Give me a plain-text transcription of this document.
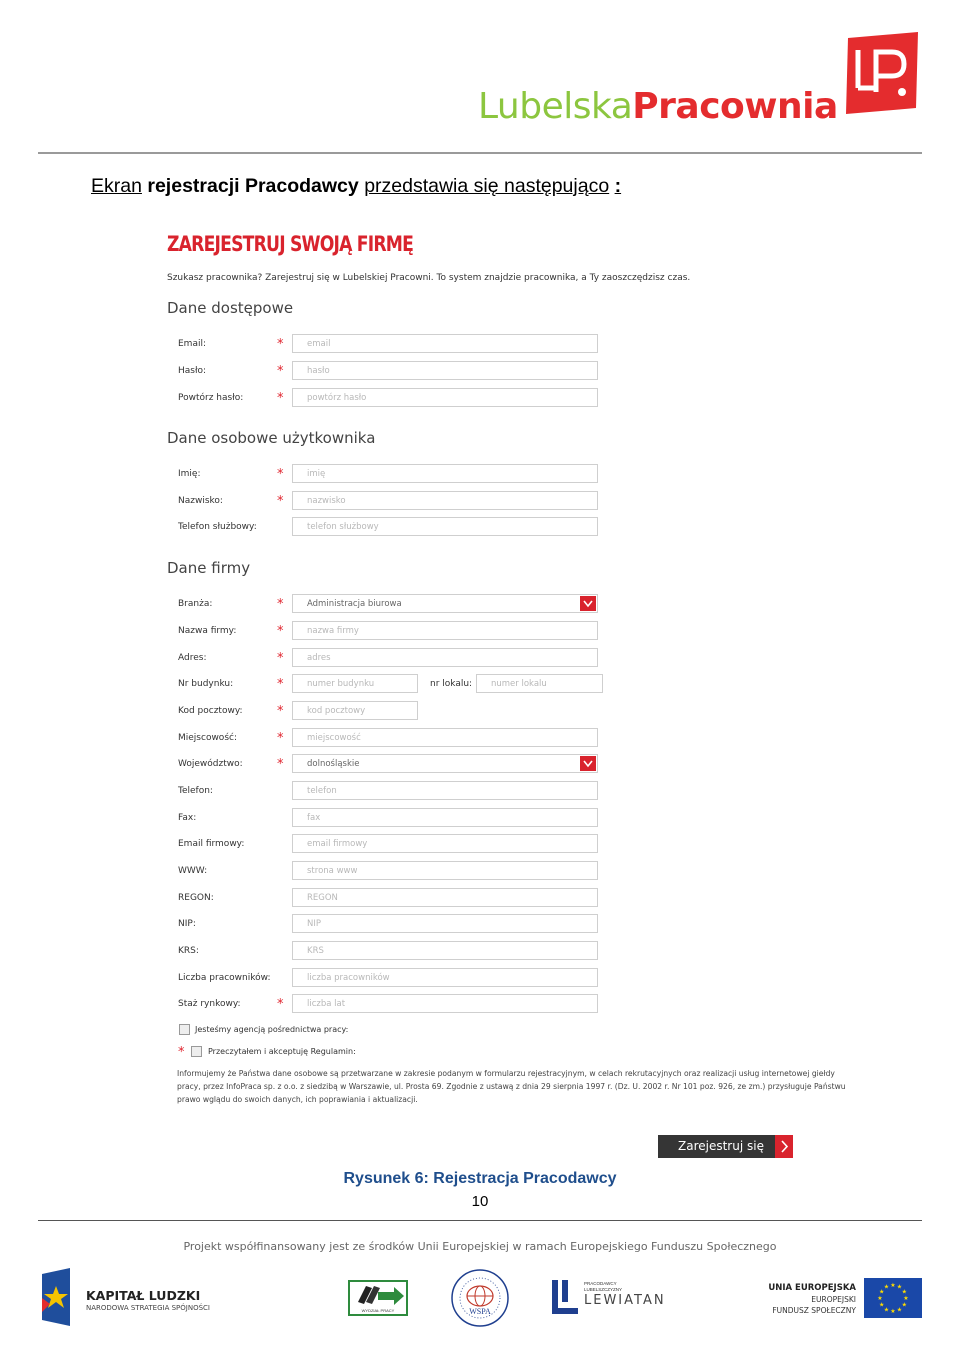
LubelskaPracownia
Ekran rejestracji Pracodawcy przedstawia się następująco :
ZAREJESTRUJ SWOJĄ FIRMĘ
Szukasz pracownika? Zarejestruj się w Lubelskiej Pracowni. To system znajdzie pracownika, a Ty zaoszczędzisz czas.
Dane dostępowe
Dane osobowe użytkownika
Dane firmy
Email:	*	email
Hasło:	*	hasło
Powtórz hasło:	*	powtórz hasło
Imię:	*	imię
Nazwisko:	*	nazwisko
Telefon służbowy:	telefon służbowy
Branża:	*	Administracja biurowa
Nazwa firmy:	*	nazwa firmy
Adres:	*	adres
Nr budynku:	*	numer budynku	nr lokalu:	numer lokalu
Kod pocztowy:	*	kod pocztowy
Miejscowość:	*	miejscowość
Województwo:	*	dolnośląskie
Telefon:	telefon
Fax:	fax
Email firmowy:	email firmowy
WWW:	strona www
REGON:	REGON
NIP:	NIP
KRS:	KRS
Liczba pracowników:	liczba pracowników
Staż rynkowy:	*	liczba lat
Jesteśmy agencją pośrednictwa pracy:
*	Przeczytałem i akceptuję Regulamin:
Informujemy że Państwa dane osobowe są przetwarzane w zakresie podanym w formularzu rejestracyjnym, w celach rekrutacyjnych oraz realizacji usług internetowej giełdy
pracy, przez InfoPraca sp. z o.o. z siedzibą w Warszawie, ul. Prosta 69. Zgodnie z ustawą z dnia 29 sierpnia 1997 r. (Dz. U. 2002 r. Nr 101 poz. 926, ze zm.) przysługuje Państwu
prawo wglądu do swoich danych, ich poprawiania i aktualizacji.
Zarejestruj się
Rysunek 6: Rejestracja Pracodawcy
10
Projekt współfinansowany jest ze środków Unii Europejskiej w ramach Europejskiego Funduszu Społecznego
KAPITAŁ LUDZKI
NARODOWA STRATEGIA SPÓJNOŚCI	WYDZIAŁ PRACY	WSPA
PRACODAWCY
LUBELSZCZYZNY
LEWIATAN
UNIA EUROPEJSKA
EUROPEJSKI
FUNDUSZ SPOŁECZNY
★
★
★
★
★
★
★
★
★ ★ ★
★
